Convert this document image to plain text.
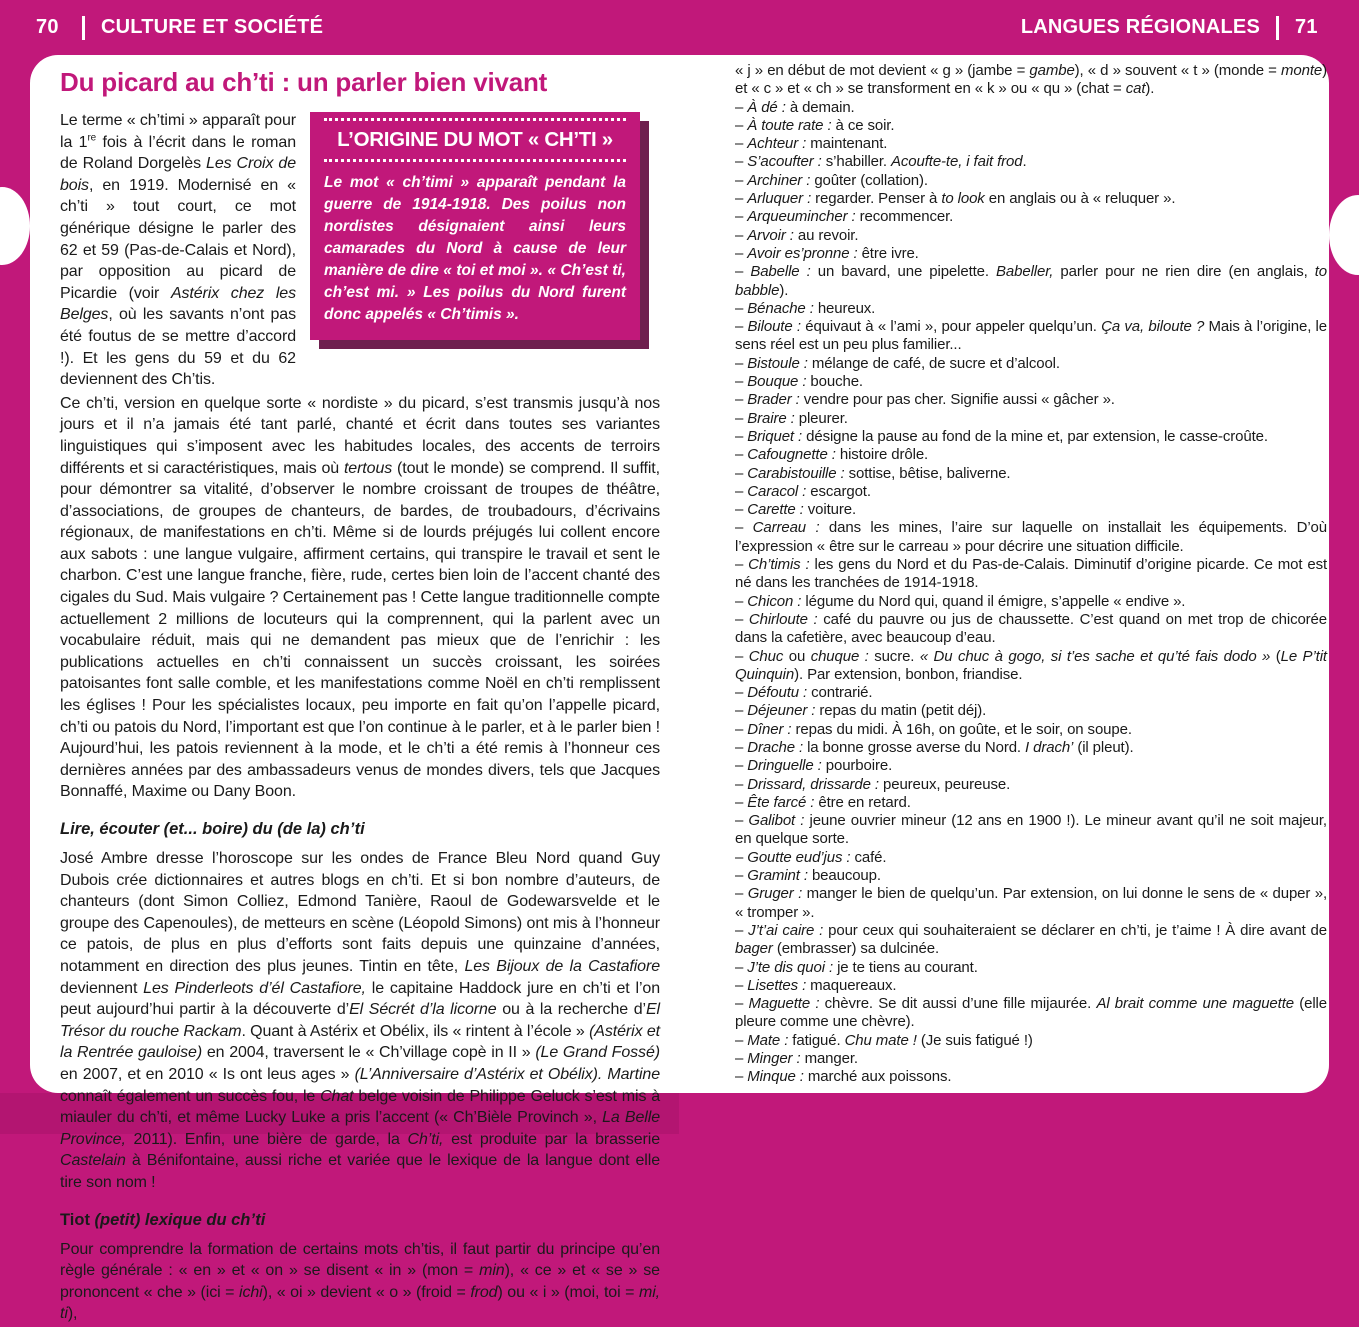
70	CULTURE ET SOCIÉTÉ	LANGUES RÉGIONALES 71
Du picard au ch’ti : un parler bien vivant
L’ORIGINE DU MOT « CH’TI »

Le mot « ch’timi » apparaît pendant la guerre de 1914-1918. Des poilus non nordistes désignaient ainsi leurs camarades du Nord à cause de leur manière de dire « toi et moi ». « Ch’est ti, ch’est mi. » Les poilus du Nord furent donc appelés « Ch’timis ».

Le terme « ch’timi » apparaît pour la 1re fois à l’écrit dans le roman de Roland Dorgelès Les Croix de bois, en 1919. Modernisé en « ch’ti » tout court, ce mot générique désigne le parler des 62 et 59 (Pas-de-Calais et Nord), par opposition au picard de Picardie (voir Astérix chez les Belges, où les savants n’ont pas été foutus de se mettre d’accord !). Et les gens du 59 et du 62 deviennent des Ch’tis.

Ce ch’ti, version en quelque sorte « nordiste » du picard, s’est transmis jusqu’à nos jours et il n’a jamais été tant parlé, chanté et écrit dans toutes ses variantes linguistiques qui s’imposent avec les habitudes locales, des accents de terroirs différents et si caractéristiques, mais où tertous (tout le monde) se comprend. Il suffit, pour démontrer sa vitalité, d’observer le nombre croissant de troupes de théâtre, d’associations, de groupes de chanteurs, de bardes, de troubadours, d’écrivains régionaux, de manifestations en ch’ti. Même si de lourds préjugés lui collent encore aux sabots : une langue vulgaire, affirment certains, qui transpire le travail et sent le charbon. C’est une langue franche, fière, rude, certes bien loin de l’accent chanté des cigales du Sud. Mais vulgaire ? Certainement pas ! Cette langue traditionnelle compte actuellement 2 millions de locuteurs qui la comprennent, qui la parlent avec un vocabulaire réduit, mais qui ne demandent pas mieux que de l’enrichir : les publications actuelles en ch’ti connaissent un succès croissant, les soirées patoisantes font salle comble, et les manifestations comme Noël en ch’ti remplissent les églises ! Pour les spécialistes locaux, peu importe en fait qu’on l’appelle picard, ch’ti ou patois du Nord, l’important est que l’on continue à le parler, et à le parler bien ! Aujourd’hui, les patois reviennent à la mode, et le ch’ti a été remis à l’honneur ces dernières années par des ambassadeurs venus de mondes divers, tels que Jacques Bonnaffé, Maxime ou Dany Boon.

Lire, écouter (et... boire) du (de la) ch’ti

José Ambre dresse l’horoscope sur les ondes de France Bleu Nord quand Guy Dubois crée dictionnaires et autres blogs en ch’ti. Et si bon nombre d’auteurs, de chanteurs (dont Simon Colliez, Edmond Tanière, Raoul de Godewarsvelde et le groupe des Capenoules), de metteurs en scène (Léopold Simons) ont mis à l’honneur ce patois, de plus en plus d’efforts sont faits depuis une quinzaine d’années, notamment en direction des plus jeunes. Tintin en tête, Les Bijoux de la Castafiore deviennent Les Pinderleots d’él Castafiore, le capitaine Haddock jure en ch’ti et l’on peut aujourd’hui partir à la découverte d’El Sécrét d’la licorne ou à la recherche d’El Trésor du rouche Rackam. Quant à Astérix et Obélix, ils « rintent à l’école » (Astérix et la Rentrée gauloise) en 2004, traversent le « Ch’village copè in II » (Le Grand Fossé) en 2007, et en 2010 « Is ont leus ages » (L’Anniversaire d’Astérix et Obélix). Martine connaît également un succès fou, le Chat belge voisin de Philippe Geluck s’est mis à miauler du ch’ti, et même Lucky Luke a pris l’accent (« Ch’Bièle Provinch », La Belle Province, 2011). Enfin, une bière de garde, la Ch’ti, est produite par la brasserie Castelain à Bénifontaine, aussi riche et variée que le lexique de la langue dont elle tire son nom !

Tiot (petit) lexique du ch’ti

Pour comprendre la formation de certains mots ch’tis, il faut partir du principe qu’en règle générale : « en » et « on » se disent « in » (mon = min), « ce » et « se » se prononcent « che » (ici = ichi), « oi » devient « o » (froid = frod) ou « i » (moi, toi = mi, ti),

« j » en début de mot devient « g » (jambe = gambe), « d » souvent « t » (monde = monte) et « c » et « ch » se transforment en « k » ou « qu » (chat = cat).

– À dé : à demain.

– À toute rate : à ce soir.

– Achteur : maintenant.

– S’acoufter : s’habiller. Acoufte-te, i fait frod.

– Archiner : goûter (collation).

– Arluquer : regarder. Penser à to look en anglais ou à « reluquer ».

– Arqueumincher : recommencer.

– Arvoir : au revoir.

– Avoir es’pronne : être ivre.

– Babelle : un bavard, une pipelette. Babeller, parler pour ne rien dire (en anglais, to babble).

– Bénache : heureux.

– Biloute : équivaut à « l’ami », pour appeler quelqu’un. Ça va, biloute ? Mais à l’origine, le sens réel est un peu plus familier...

– Bistoule : mélange de café, de sucre et d’alcool.

– Bouque : bouche.

– Brader : vendre pour pas cher. Signifie aussi « gâcher ».

– Braire : pleurer.

– Briquet : désigne la pause au fond de la mine et, par extension, le casse-croûte.

– Cafougnette : histoire drôle.

– Carabistouille : sottise, bêtise, baliverne.

– Caracol : escargot.

– Carette : voiture.

– Carreau : dans les mines, l’aire sur laquelle on installait les équipements. D’où l’expression « être sur le carreau » pour décrire une situation difficile.

– Ch’timis : les gens du Nord et du Pas-de-Calais. Diminutif d’origine picarde. Ce mot est né dans les tranchées de 1914-1918.

– Chicon : légume du Nord qui, quand il émigre, s’appelle « endive ».

– Chirloute : café du pauvre ou jus de chaussette. C’est quand on met trop de chicorée dans la cafetière, avec beaucoup d’eau.

– Chuc ou chuque : sucre. « Du chuc à gogo, si t’es sache et qu’té fais dodo » (Le P’tit Quinquin). Par extension, bonbon, friandise.

– Défoutu : contrarié.

– Déjeuner : repas du matin (petit déj).

– Dîner : repas du midi. À 16h, on goûte, et le soir, on soupe.

– Drache : la bonne grosse averse du Nord. I drach’ (il pleut).

– Dringuelle : pourboire.

– Drissard, drissarde : peureux, peureuse.

– Ête farcé : être en retard.

– Galibot : jeune ouvrier mineur (12 ans en 1900 !). Le mineur avant qu’il ne soit majeur, en quelque sorte.

– Goutte eud’jus : café.

– Gramint : beaucoup.

– Gruger : manger le bien de quelqu’un. Par extension, on lui donne le sens de « duper », « tromper ».

– J’t’ai caire : pour ceux qui souhaiteraient se déclarer en ch’ti, je t’aime ! À dire avant de bager (embrasser) sa dulcinée.

– J’te dis quoi : je te tiens au courant.

– Lisettes : maquereaux.

– Maguette : chèvre. Se dit aussi d’une fille mijaurée. Al brait comme une maguette (elle pleure comme une chèvre).

– Mate : fatigué. Chu mate ! (Je suis fatigué !)

– Minger : manger.

– Minque : marché aux poissons.
